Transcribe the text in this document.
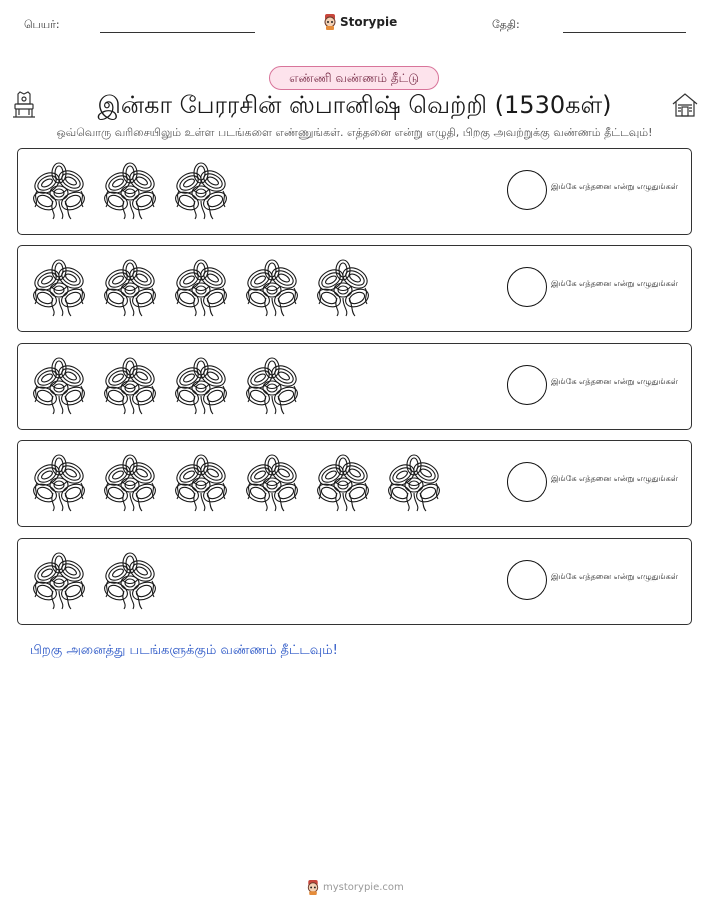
பெயர்:	Storypie	தேதி:
எண்ணி வண்ணம் தீட்டு
இன்கா பேரரசின் ஸ்பானிஷ் வெற்றி (1530கள்)
ஒவ்வொரு வரிசையிலும் உள்ள படங்களை எண்ணுங்கள். எத்தனை என்று எழுதி, பிறகு அவற்றுக்கு வண்ணம் தீட்டவும்!
இங்கே எத்தனை என்று எழுதுங்கள்
இங்கே எத்தனை என்று எழுதுங்கள்
இங்கே எத்தனை என்று எழுதுங்கள்
இங்கே எத்தனை என்று எழுதுங்கள்
இங்கே எத்தனை என்று எழுதுங்கள்
பிறகு அனைத்து படங்களுக்கும் வண்ணம் தீட்டவும்!
mystorypie.com
